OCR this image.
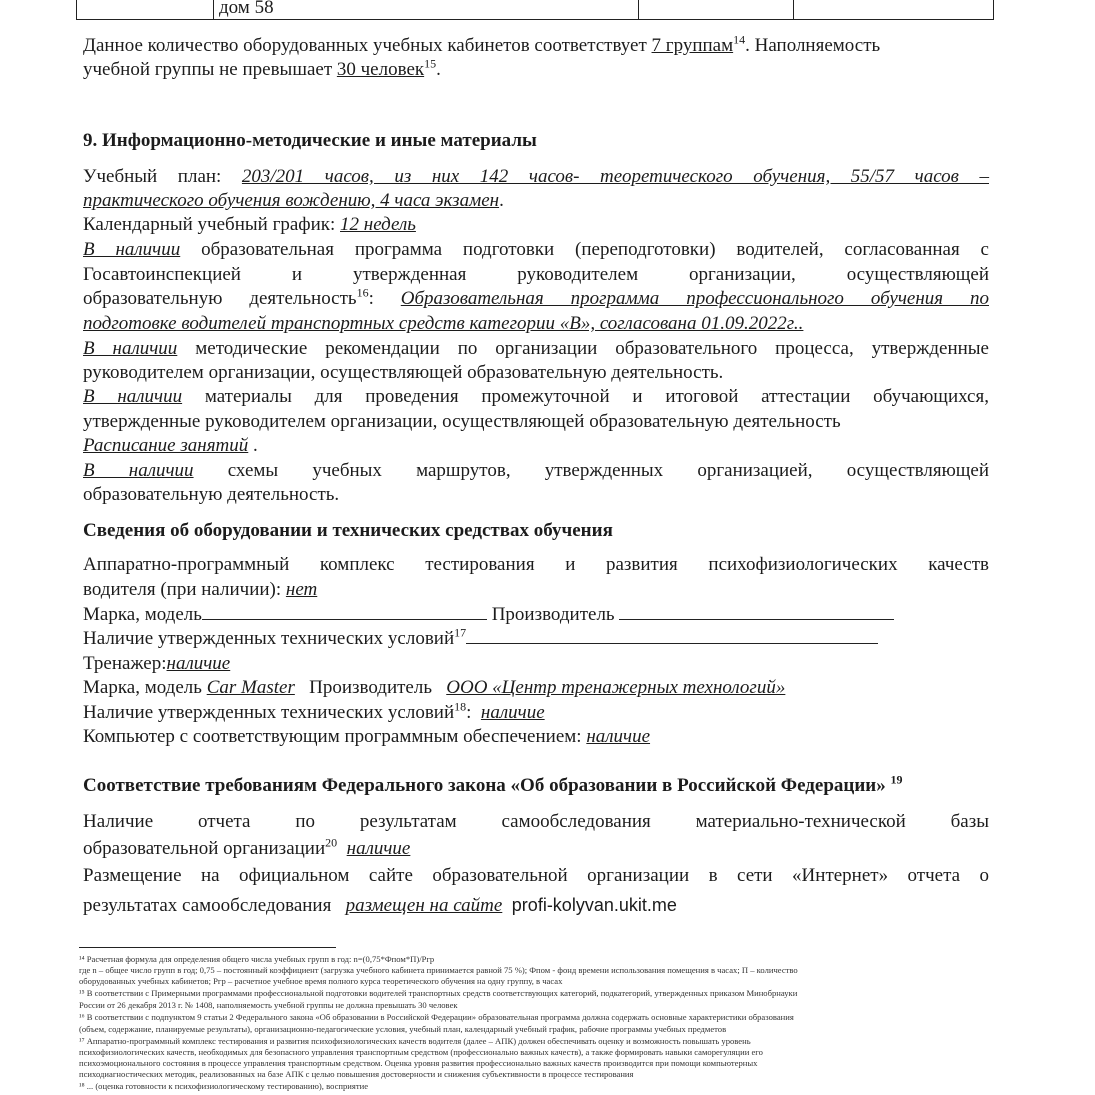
дом 58
Данное количество оборудованных учебных кабинетов соответствует 7 группам$^{14}$. Наполняемость
учебной группы не превышает 30 человек$^{15}$.
9. Информационно-методические и иные материалы
Учебный план: 203/201 часов, из них 142 часов- теоретического обучения, 55/57 часов –
практического обучения вождению, 4 часа экзамен.
Календарный учебный график: 12 недель
В наличии образовательная программа подготовки (переподготовки) водителей, согласованная с
Госавтоинспекцией и утвержденная руководителем организации, осуществляющей
образовательную деятельность$^{16}$: Образовательная программа профессионального обучения по
подготовке водителей транспортных средств категории «В», согласована 01.09.2022г..
В наличии методические рекомендации по организации образовательного процесса, утвержденные
руководителем организации, осуществляющей образовательную деятельность.
В наличии материалы для проведения промежуточной и итоговой аттестации обучающихся,
утвержденные руководителем организации, осуществляющей образовательную деятельность
Расписание занятий .
В наличии схемы учебных маршрутов, утвержденных организацией, осуществляющей
образовательную деятельность.
Сведения об оборудовании и технических средствах обучения
Аппаратно-программный комплекс тестирования и развития психофизиологических качеств
водителя (при наличии): нет
Марка, модель	Производитель
Наличие утвержденных технических условий$^{17}$
Тренажер:наличие
Марка, модель Car Master Производитель ООО «Центр тренажерных технологий»
Наличие утвержденных технических условий$^{18}$: наличие
Компьютер с соответствующим программным обеспечением: наличие
Соответствие требованиям Федерального закона «Об образовании в Российской Федерации» $^{19}$
Наличие отчета по результатам самообследования материально-технической базы
образовательной организации$^{20}$ наличие
Размещение на официальном сайте образовательной организации в сети «Интернет» отчета о
результатах самообследования   размещен на сайте profi-kolyvan.ukit.me
¹⁴ Расчетная формула для определения общего числа учебных групп в год: n=(0,75*Фпом*П)/Ргр
где n – общее число групп в год; 0,75 – постоянный коэффициент (загрузка учебного кабинета принимается равной 75 %); Фпом - фонд времени использования помещения в часах; П – количество
оборудованных учебных кабинетов; Ргр – расчетное учебное время полного курса теоретического обучения на одну группу, в часах
¹⁵ В соответствии с Примерными программами профессиональной подготовки водителей транспортных средств соответствующих категорий, подкатегорий, утвержденных приказом Минобрнауки
России от 26 декабря 2013 г. № 1408, наполняемость учебной группы не должна превышать 30 человек
¹⁶ В соответствии с подпунктом 9 статьи 2 Федерального закона «Об образовании в Российской Федерации» образовательная программа должна содержать основные характеристики образования
(объем, содержание, планируемые результаты), организационно-педагогические условия, учебный план, календарный учебный график, рабочие программы учебных предметов
¹⁷ Аппаратно-программный комплекс тестирования и развития психофизиологических качеств водителя (далее – АПК) должен обеспечивать оценку и возможность повышать уровень
психофизиологических качеств, необходимых для безопасного управления транспортным средством (профессионально важных качеств), а также формировать навыки саморегуляции его
психоэмоционального состояния в процессе управления транспортным средством. Оценка уровня развития профессионально важных качеств производится при помощи компьютерных
психодиагностических методик, реализованных на базе АПК с целью повышения достоверности и снижения субъективности в процессе тестирования
¹⁸ ... (оценка готовности к психофизиологическому тестированию), восприятие
